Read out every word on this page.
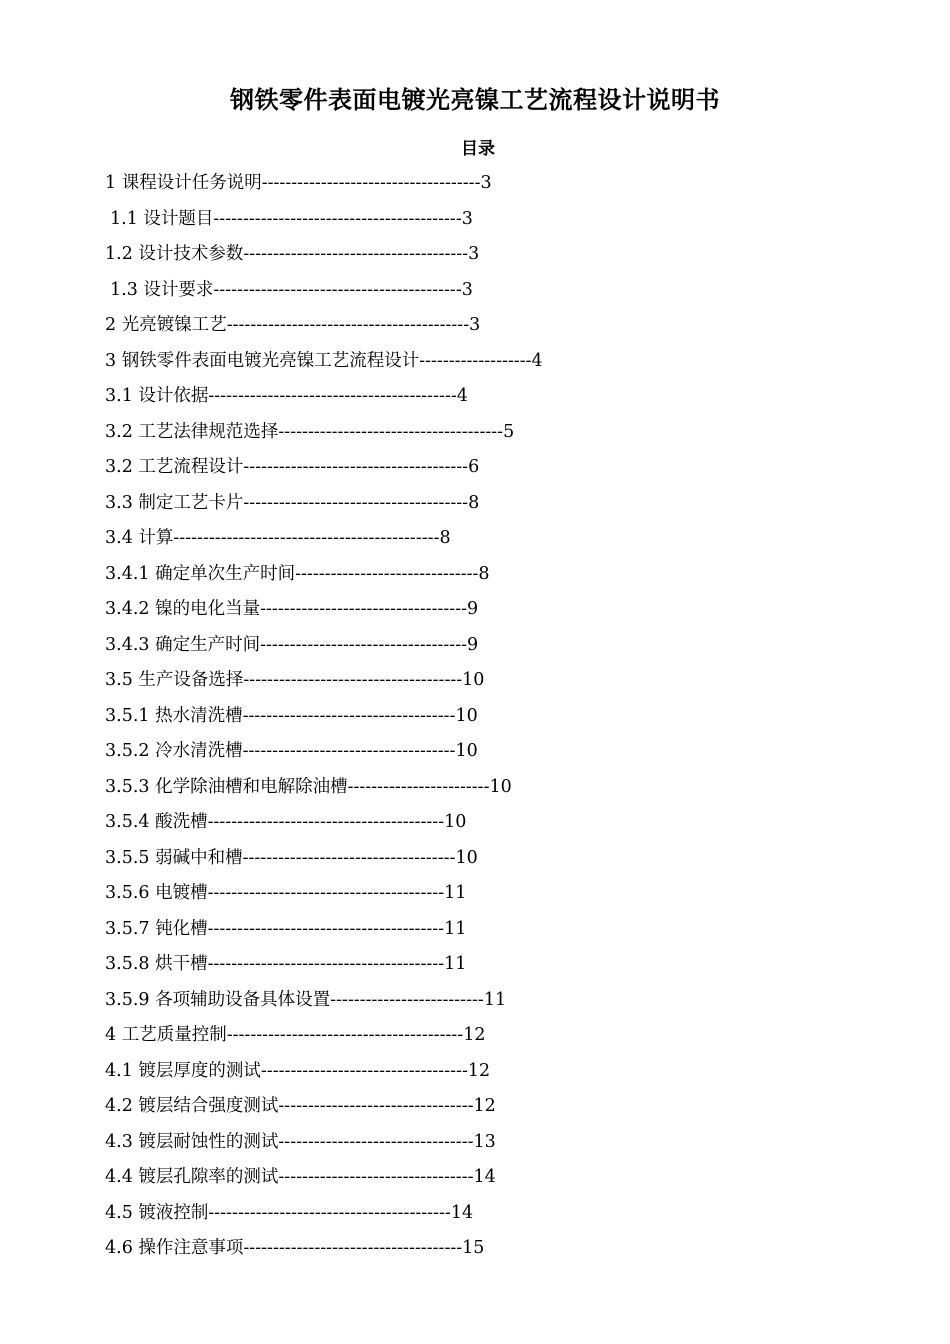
钢铁零件表面电镀光亮镍工艺流程设计说明书
目录
1 课程设计任务说明-------------------------------------3
1.1 设计题目------------------------------------------3
1.2 设计技术参数--------------------------------------3
1.3 设计要求------------------------------------------3
2 光亮镀镍工艺-----------------------------------------3
3 钢铁零件表面电镀光亮镍工艺流程设计-------------------4
3.1 设计依据------------------------------------------4
3.2 工艺法律规范选择--------------------------------------5
3.2 工艺流程设计--------------------------------------6
3.3 制定工艺卡片--------------------------------------8
3.4 计算---------------------------------------------8
3.4.1 确定单次生产时间-------------------------------8
3.4.2 镍的电化当量-----------------------------------9
3.4.3 确定生产时间-----------------------------------9
3.5 生产设备选择-------------------------------------10
3.5.1 热水清洗槽------------------------------------10
3.5.2 冷水清洗槽------------------------------------10
3.5.3 化学除油槽和电解除油槽------------------------10
3.5.4 酸洗槽----------------------------------------10
3.5.5 弱碱中和槽------------------------------------10
3.5.6 电镀槽----------------------------------------11
3.5.7 钝化槽----------------------------------------11
3.5.8 烘干槽----------------------------------------11
3.5.9 各项辅助设备具体设置--------------------------11
4 工艺质量控制----------------------------------------12
4.1 镀层厚度的测试-----------------------------------12
4.2 镀层结合强度测试---------------------------------12
4.3 镀层耐蚀性的测试---------------------------------13
4.4 镀层孔隙率的测试---------------------------------14
4.5 镀液控制-----------------------------------------14
4.6 操作注意事项-------------------------------------15
